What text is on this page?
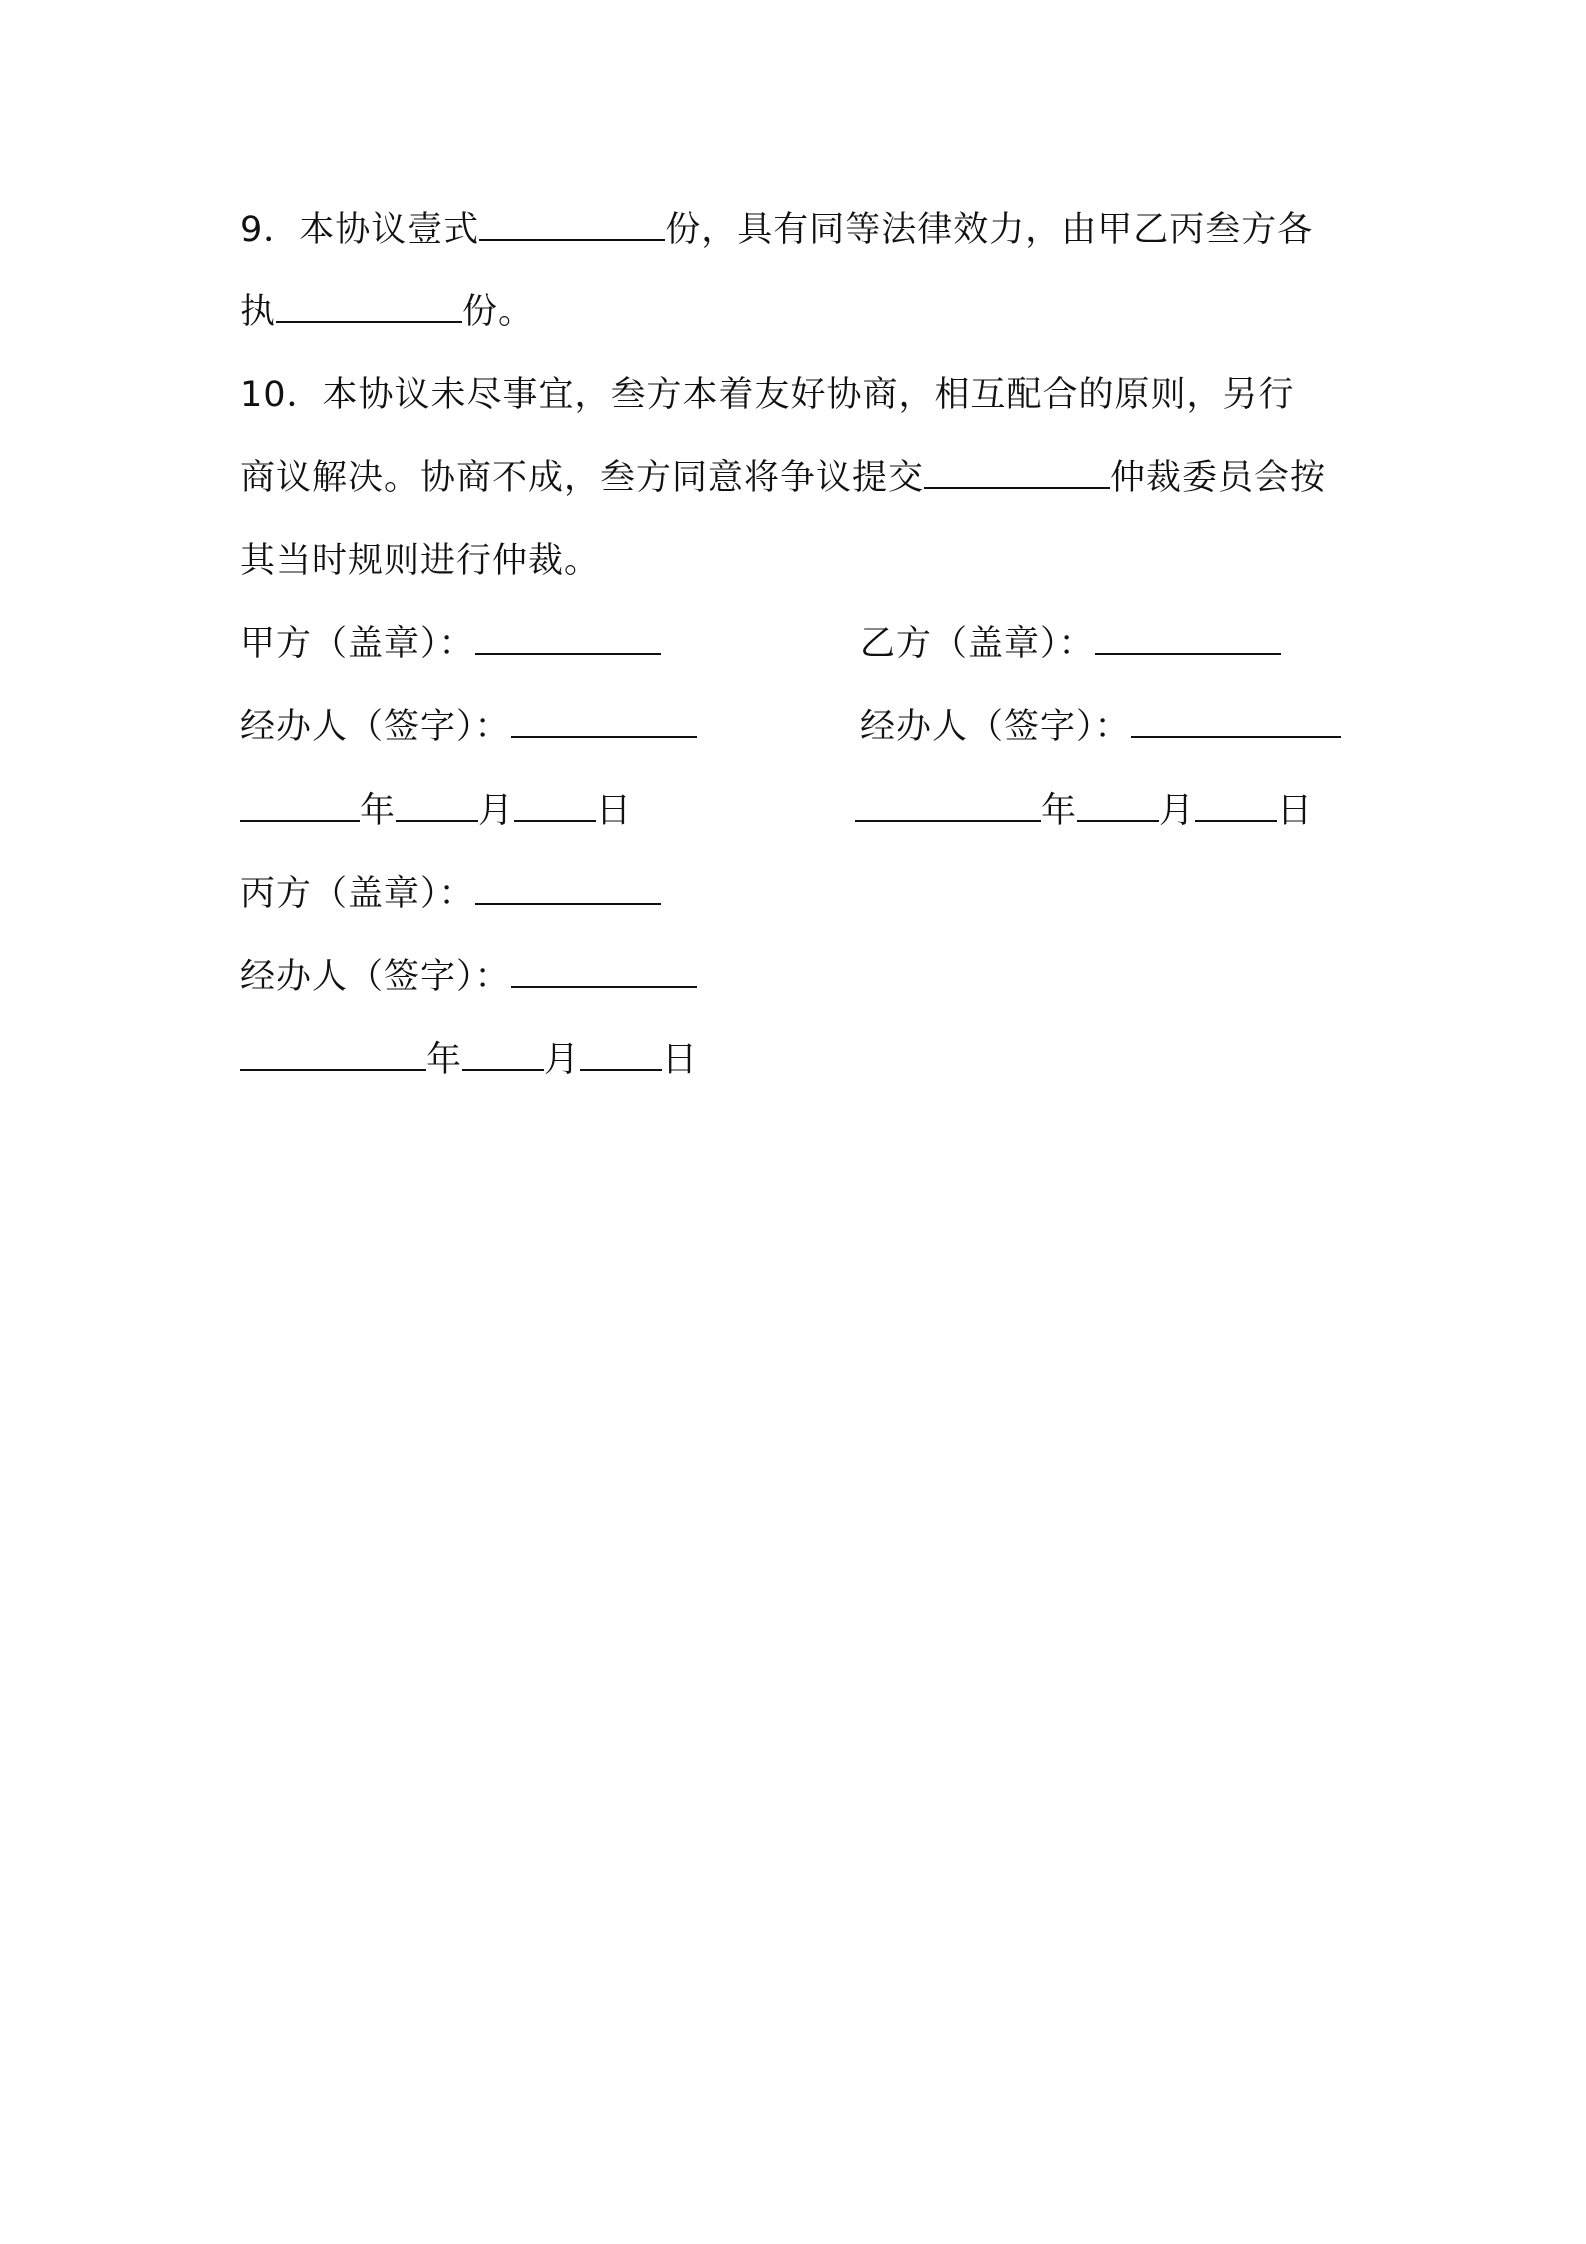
9．本协议壹式	份，具有同等法律效力，由甲乙丙叁方各
执	份。
10．本协议未尽事宜，叁方本着友好协商，相互配合的原则，另行
商议解决。协商不成，叁方同意将争议提交	仲裁委员会按
其当时规则进行仲裁。
甲方（盖章）：
经办人（签字）：
年 月 日
乙方（盖章）：
经办人（签字）：
年 月 日
丙方（盖章）：
经办人（签字）：
年 月 日
